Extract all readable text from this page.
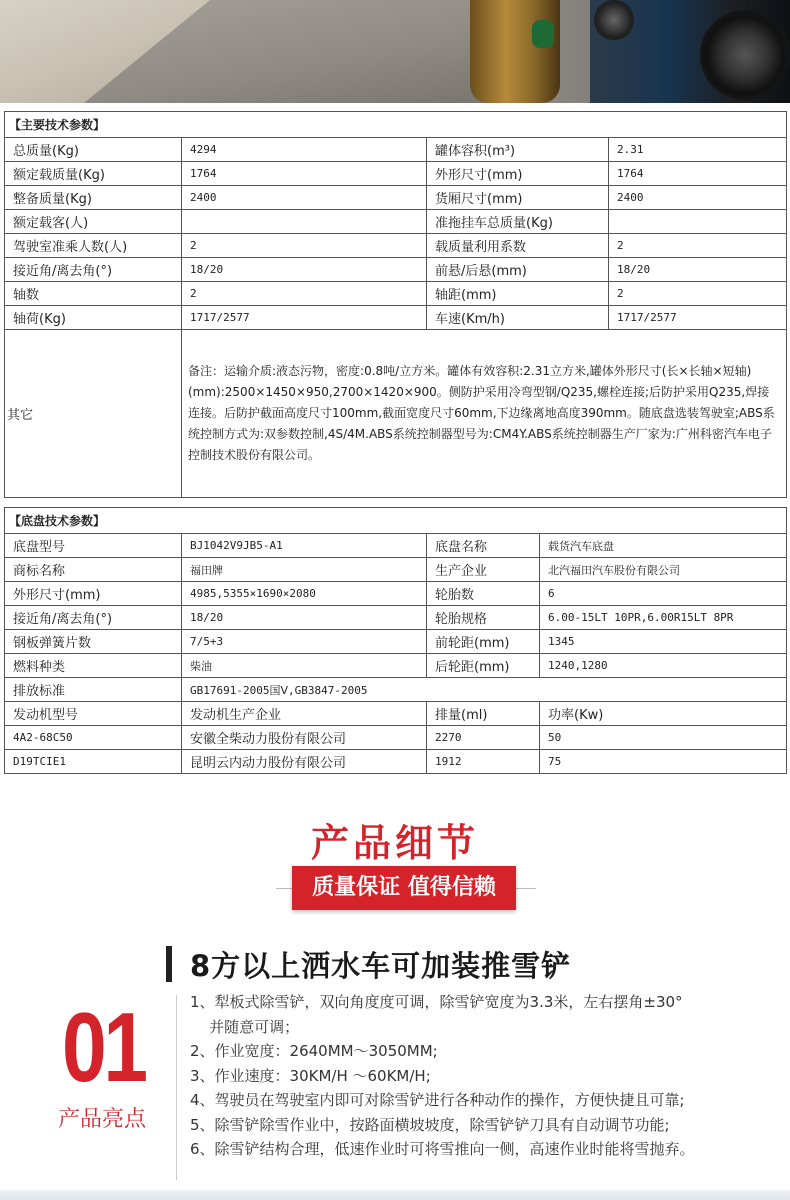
【主要技术参数】			
总质量(Kg)	4294	罐体容积(m³)	2.31
额定载质量(Kg)	1764	外形尺寸(mm)	1764
整备质量(Kg)	2400	货厢尺寸(mm)	2400
额定载客(人)		准拖挂车总质量(Kg)	
驾驶室准乘人数(人)	2	载质量利用系数	2
接近角/离去角(°)	18/20	前悬/后悬(mm)	18/20
轴数	2	轴距(mm)	2
轴荷(Kg)	1717/2577	车速(Km/h)	1717/2577
其它	备注：运输介质:液态污物，密度:0.8吨/立方米。罐体有效容积:2.31立方米,罐体外形尺寸(长×长轴×短轴)(mm):2500×1450×950,2700×1420×900。侧防护采用冷弯型钢/Q235,螺栓连接;后防护采用Q235,焊接连接。后防护截面高度尺寸100mm,截面宽度尺寸60mm,下边缘离地高度390mm。随底盘选装驾驶室;ABS系统控制方式为:双参数控制,4S/4M.ABS系统控制器型号为:CM4Y.ABS系统控制器生产厂家为:广州科密汽车电子控制技术股份有限公司。		
【底盘技术参数】			
底盘型号	BJ1042V9JB5-A1	底盘名称	载货汽车底盘
商标名称	福田牌	生产企业	北汽福田汽车股份有限公司
外形尺寸(mm)	4985,5355×1690×2080	轮胎数	6
接近角/离去角(°)	18/20	轮胎规格	6.00-15LT 10PR,6.00R15LT 8PR
钢板弹簧片数	7/5+3	前轮距(mm)	1345
燃料种类	柴油	后轮距(mm)	1240,1280
排放标准	GB17691-2005国Ⅴ,GB3847-2005		
发动机型号	发动机生产企业	排量(ml)	功率(Kw)
4A2-68C50	安徽全柴动力股份有限公司	2270	50
D19TCIE1	昆明云内动力股份有限公司	1912	75
产品细节
质量保证 值得信赖
8方以上洒水车可加装推雪铲
01
产品亮点
1、犁板式除雪铲，双向角度度可调，除雪铲宽度为3.3米，左右摆角±30°
并随意可调；
2、作业宽度：2640MM～3050MM;
3、作业速度：30KM/H ～60KM/H;
4、驾驶员在驾驶室内即可对除雪铲进行各种动作的操作，方便快捷且可靠;
5、除雪铲除雪作业中，按路面横坡坡度，除雪铲铲刀具有自动调节功能;
6、除雪铲结构合理，低速作业时可将雪推向一侧，高速作业时能将雪抛弃。
